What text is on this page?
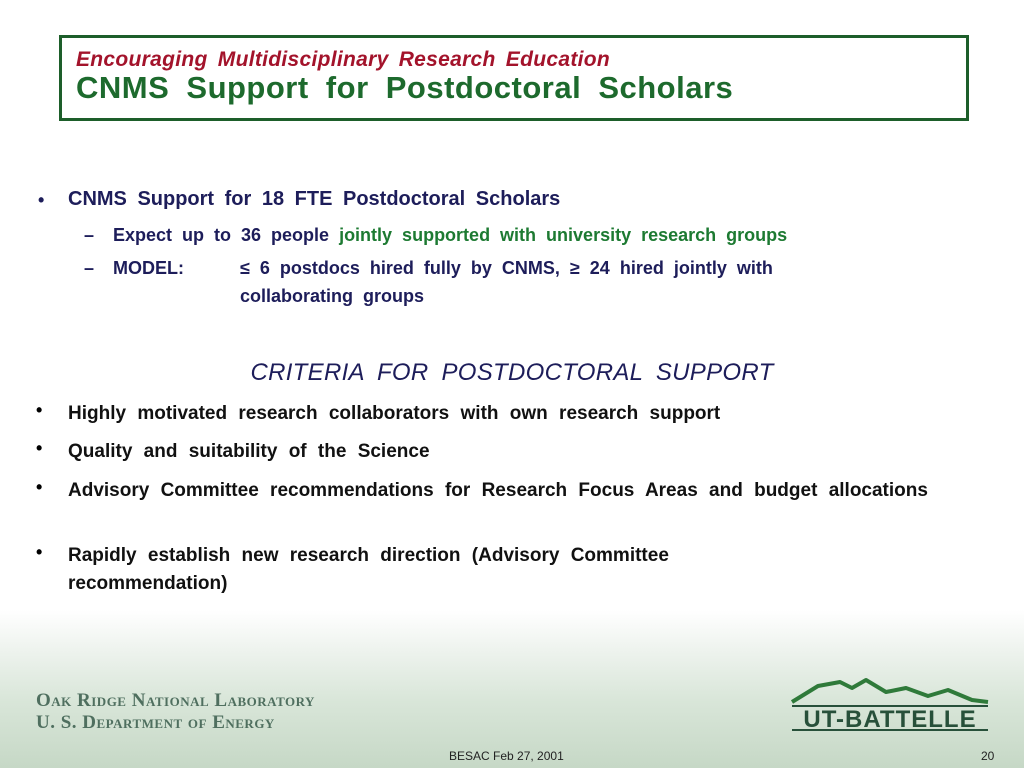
Encouraging Multidisciplinary Research Education
CNMS Support for Postdoctoral Scholars
• CNMS Support for 18 FTE Postdoctoral Scholars
– Expect up to 36 people jointly supported with university research groups
– MODEL:	≤ 6 postdocs hired fully by CNMS, ≥ 24 hired jointly with
collaborating groups
CRITERIA FOR POSTDOCTORAL SUPPORT
• Highly motivated research collaborators with own research support
• Quality and suitability of the Science
• Advisory Committee recommendations for Research Focus Areas and budget allocations
• Rapidly establish new research direction (Advisory Committee recommendation)
Oak Ridge National Laboratory
U. S. Department of Energy	UT-BATTELLE
BESAC Feb 27, 2001	20
